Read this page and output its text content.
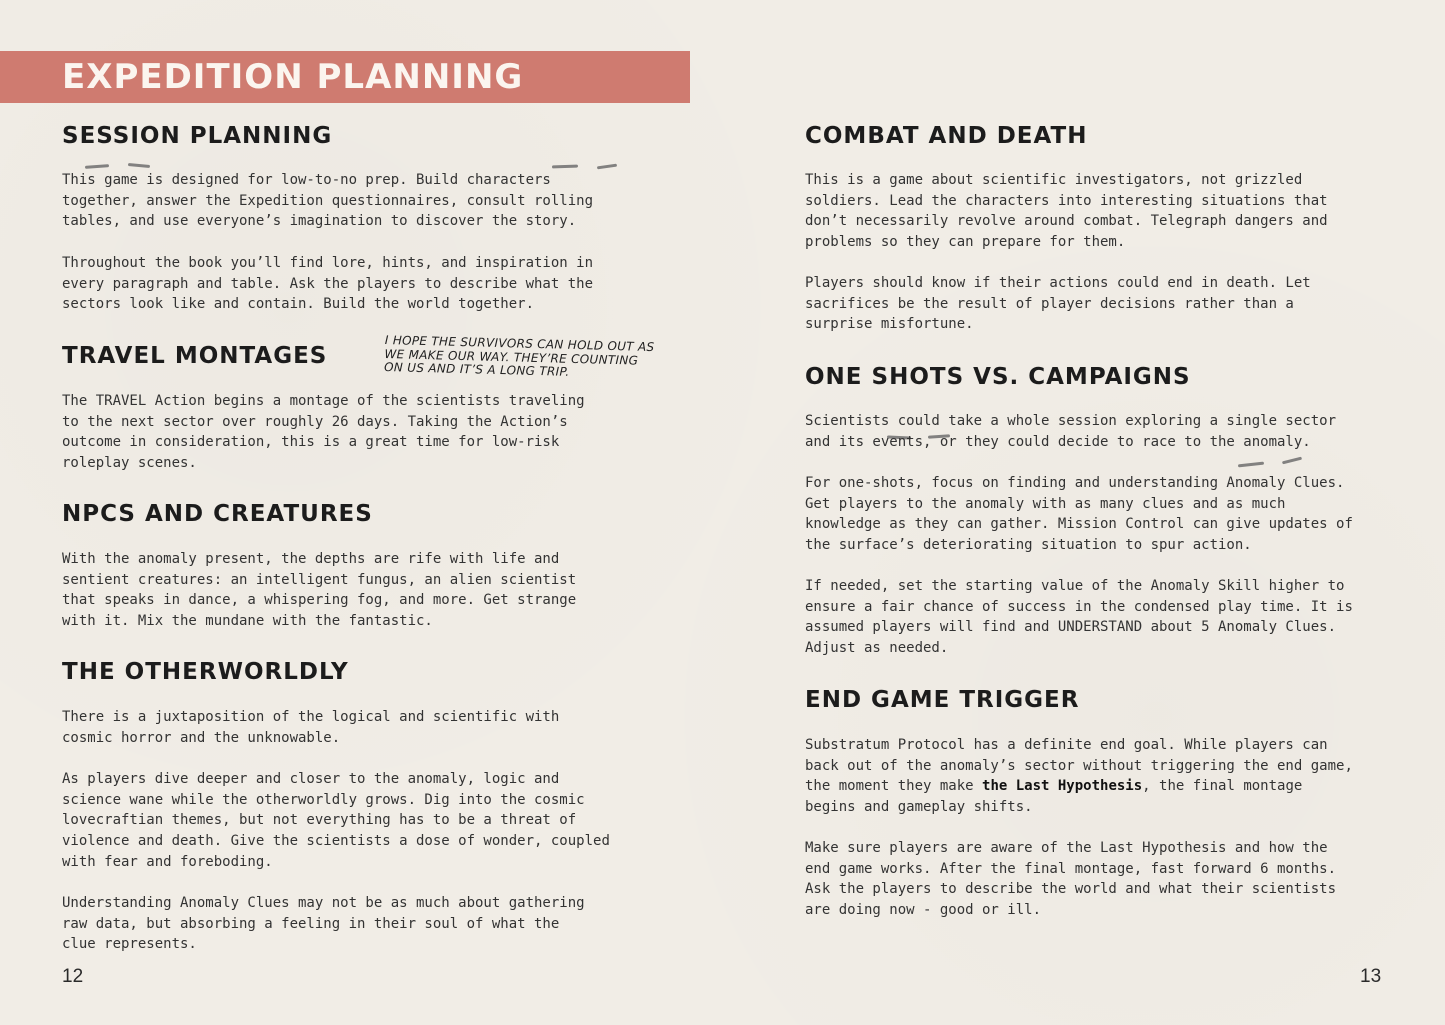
EXPEDITION PLANNING
SESSION PLANNING

This game is designed for low-to-no prep. Build characters
together, answer the Expedition questionnaires, consult rolling
tables, and use everyone’s imagination to discover the story.

Throughout the book you’ll find lore, hints, and inspiration in
every paragraph and table. Ask the players to describe what the
sectors look like and contain. Build the world together.

TRAVEL MONTAGES

The TRAVEL Action begins a montage of the scientists traveling
to the next sector over roughly 26 days. Taking the Action’s
outcome in consideration, this is a great time for low-risk
roleplay scenes.

NPCS AND CREATURES

With the anomaly present, the depths are rife with life and
sentient creatures: an intelligent fungus, an alien scientist
that speaks in dance, a whispering fog, and more. Get strange
with it. Mix the mundane with the fantastic.

THE OTHERWORLDLY

There is a juxtaposition of the logical and scientific with
cosmic horror and the unknowable.

As players dive deeper and closer to the anomaly, logic and
science wane while the otherworldly grows. Dig into the cosmic
lovecraftian themes, but not everything has to be a threat of
violence and death. Give the scientists a dose of wonder, coupled
with fear and foreboding.

Understanding Anomaly Clues may not be as much about gathering
raw data, but absorbing a feeling in their soul of what the
clue represents.

I HOPE THE SURVIVORS CAN HOLD OUT AS
WE MAKE OUR WAY. THEY’RE COUNTING
ON US AND IT’S A LONG TRIP.
12
COMBAT AND DEATH

This is a game about scientific investigators, not grizzled
soldiers. Lead the characters into interesting situations that
don’t necessarily revolve around combat. Telegraph dangers and
problems so they can prepare for them.

Players should know if their actions could end in death. Let
sacrifices be the result of player decisions rather than a
surprise misfortune.

ONE SHOTS VS. CAMPAIGNS

Scientists could take a whole session exploring a single sector
and its events, or they could decide to race to the anomaly.

For one-shots, focus on finding and understanding Anomaly Clues.
Get players to the anomaly with as many clues and as much
knowledge as they can gather. Mission Control can give updates of
the surface’s deteriorating situation to spur action.

If needed, set the starting value of the Anomaly Skill higher to
ensure a fair chance of success in the condensed play time. It is
assumed players will find and UNDERSTAND about 5 Anomaly Clues.
Adjust as needed.

END GAME TRIGGER

Substratum Protocol has a definite end goal. While players can
back out of the anomaly’s sector without triggering the end game,
the moment they make the Last Hypothesis, the final montage
begins and gameplay shifts.

Make sure players are aware of the Last Hypothesis and how the
end game works. After the final montage, fast forward 6 months.
Ask the players to describe the world and what their scientists
are doing now - good or ill.

13
